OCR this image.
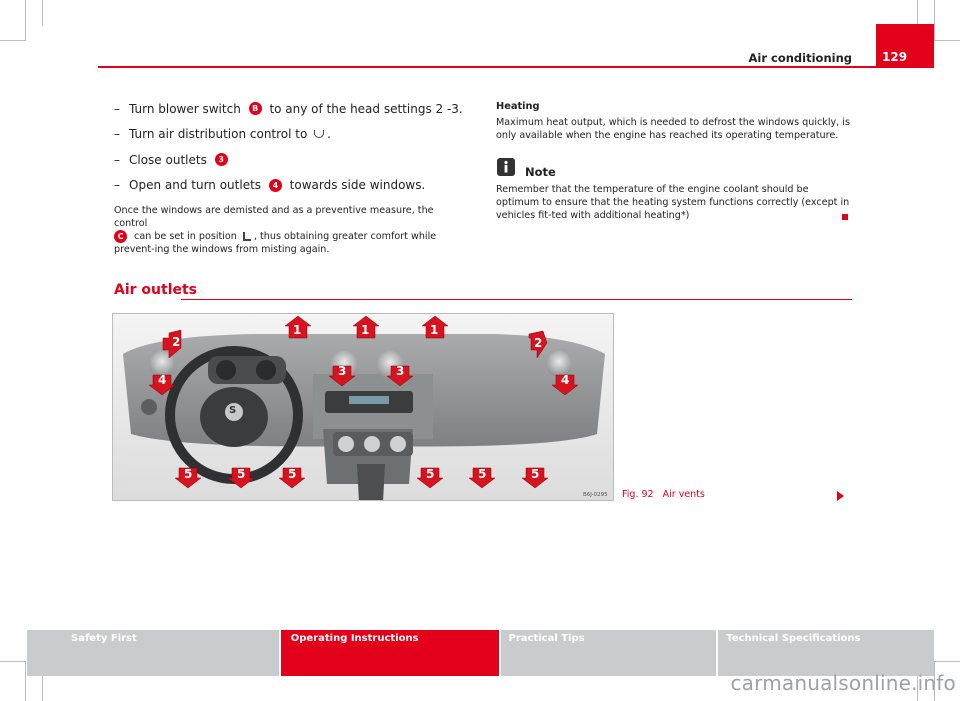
Air conditioning	129
– Turn blower switch B to any of the head settings 2 -3.
– Turn air distribution control to .
– Close outlets 3
– Open and turn outlets 4 towards side windows.
Once the windows are demisted and as a preventive measure, the control
C can be set in position , thus obtaining greater comfort while prevent-ing the windows from misting again.
Heating
Maximum heat output, which is needed to defrost the windows quickly, is only available when the engine has reached its operating temperature.
Note
Remember that the temperature of the engine coolant should be optimum to ensure that the heating system functions correctly (except in vehicles fit-ted with additional heating*)
Air outlets
1	1	1
2	2
3	3
4	4
5	5	5	5	5	5
S
B6J-0295 Fig. 92   Air vents
Safety First	Operating Instructions	Practical Tips	Technical Specifications
carmanualsonline.info
